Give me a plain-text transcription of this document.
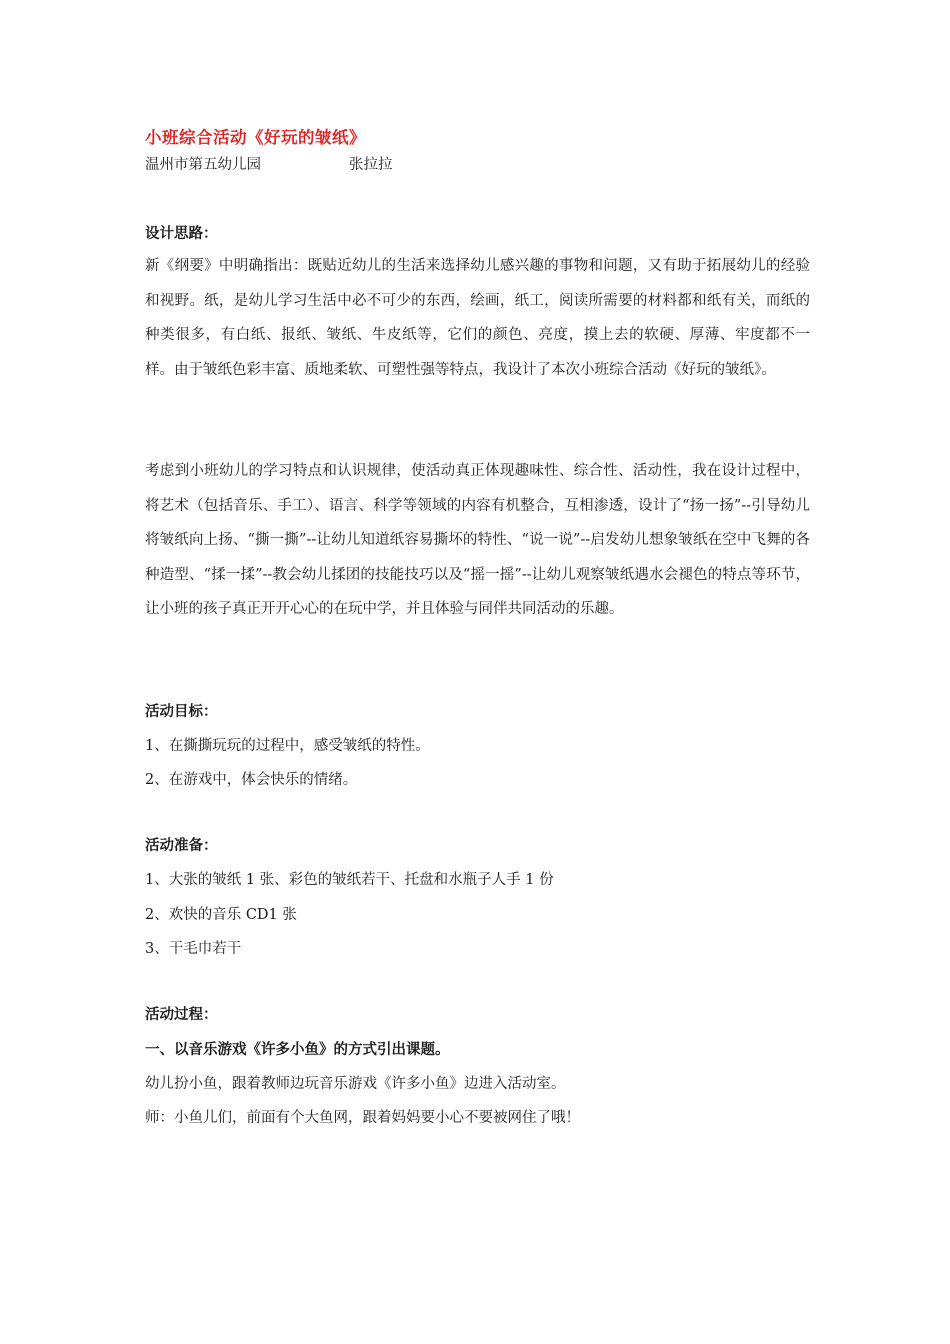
小班综合活动《好玩的皱纸》
温州市第五幼儿园	张拉拉
设计思路：
新《纲要》中明确指出：既贴近幼儿的生活来选择幼儿感兴趣的事物和问题，又有助于拓展幼儿的经验和视野。纸，是幼儿学习生活中必不可少的东西，绘画，纸工，阅读所需要的材料都和纸有关，而纸的种类很多，有白纸、报纸、皱纸、牛皮纸等，它们的颜色、亮度，摸上去的软硬、厚薄、牢度都不一样。由于皱纸色彩丰富、质地柔软、可塑性强等特点，我设计了本次小班综合活动《好玩的皱纸》。
考虑到小班幼儿的学习特点和认识规律，使活动真正体现趣味性、综合性、活动性，我在设计过程中，将艺术（包括音乐、手工）、语言、科学等领域的内容有机整合，互相渗透，设计了“扬一扬”--引导幼儿将皱纸向上扬、“撕一撕”--让幼儿知道纸容易撕坏的特性、“说一说”--启发幼儿想象皱纸在空中飞舞的各种造型、“揉一揉”--教会幼儿揉团的技能技巧以及“摇一摇”--让幼儿观察皱纸遇水会褪色的特点等环节，让小班的孩子真正开开心心的在玩中学，并且体验与同伴共同活动的乐趣。
活动目标：
1、在撕撕玩玩的过程中，感受皱纸的特性。
2、在游戏中，体会快乐的情绪。
活动准备：
1、大张的皱纸 1 张、彩色的皱纸若干、托盘和水瓶子人手 1 份
2、欢快的音乐 CD1 张
3、干毛巾若干
活动过程：
一、以音乐游戏《许多小鱼》的方式引出课题。
幼儿扮小鱼，跟着教师边玩音乐游戏《许多小鱼》边进入活动室。
师：小鱼儿们，前面有个大鱼网，跟着妈妈要小心不要被网住了哦！
